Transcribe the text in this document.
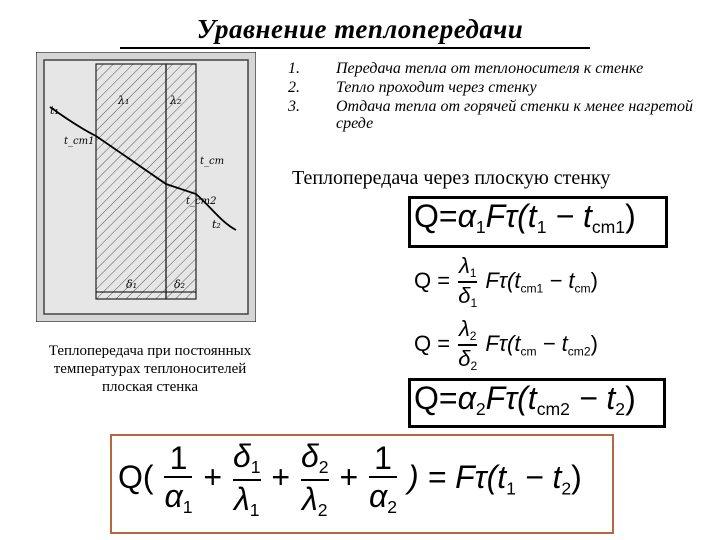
Уравнение теплопередачи
t₁
t_cm1
λ₁	λ₂
t_cm
t_cm2
t₂
δ₁	δ₂
1. Передача тепла от теплоносителя к стенке
2. Тепло проходит через стенку
3. Отдача тепла от горячей стенки к менее нагретой среде
Теплопередача через плоскую стенку
$Q=\alpha_1F\tau(t_1 - t_{cm1})$
$Q = \frac{\lambda_1}{\delta_1} F\tau(t_{cm1} - t_{cm})$
$Q = \frac{\lambda_2}{\delta_2} F\tau(t_{cm} - t_{cm2})$
$Q=\alpha_2F\tau(t_{cm2} - t_2)$
Теплопередача при постоянных
температурах теплоносителей
плоская стенка
$Q( \frac{1}{\alpha_1} + \frac{\delta_1}{\lambda_1} + \frac{\delta_2}{\lambda_2} + \frac{1}{\alpha_2}$ ) = $F\tau(t_1 - t_2)$
